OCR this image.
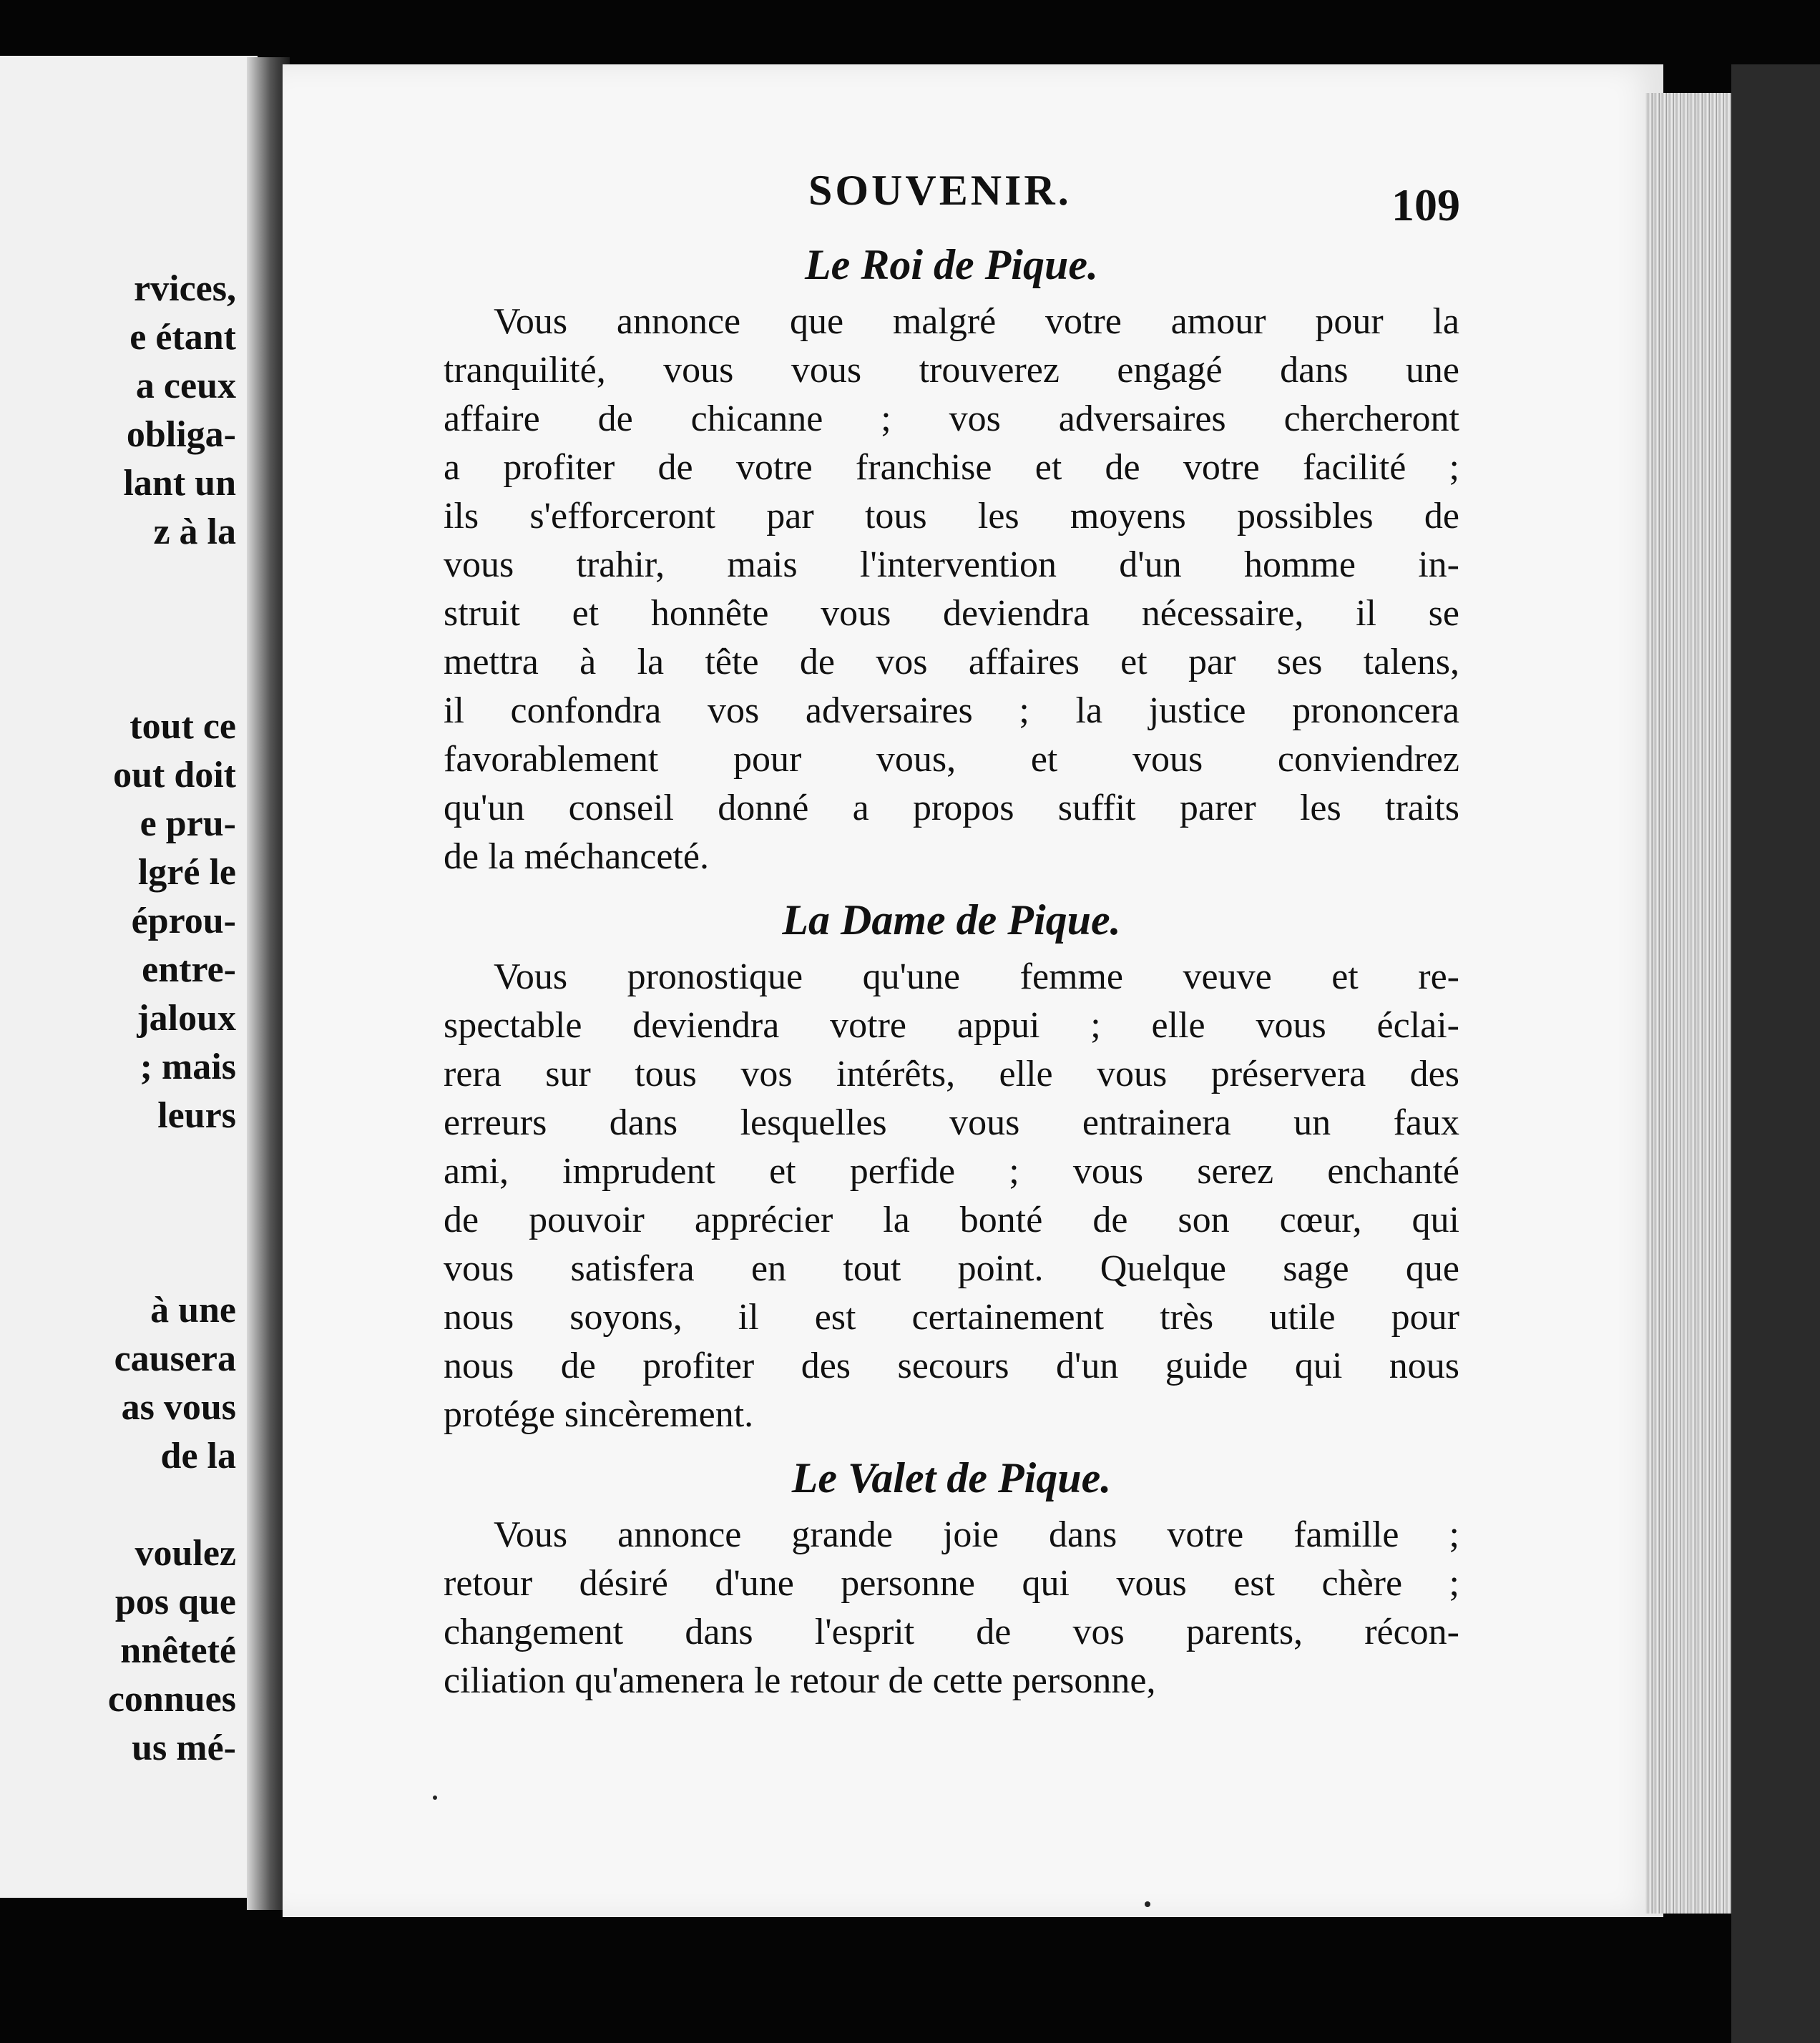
rvices,
e étant
a ceux
obliga-
lant un
z à la
tout ce
out doit
e pru-
lgré le
éprou-
entre-
jaloux
; mais
leurs
à une
causera
as vous
de la
voulez
pos que
nnêteté
connues
us mé-
SOUVENIR.	109
Le Roi de Pique.
Vous annonce que malgré votre amour pour la
tranquilité, vous vous trouverez engagé dans une
affaire de chicanne ; vos adversaires chercheront
a profiter de votre franchise et de votre facilité ;
ils s'efforceront par tous les moyens possibles de
vous trahir, mais l'intervention d'un homme in-
struit et honnête vous deviendra nécessaire, il se
mettra à la tête de vos affaires et par ses talens,
il confondra vos adversaires ; la justice prononcera
favorablement pour vous, et vous conviendrez
qu'un conseil donné a propos suffit parer les traits
de la méchanceté.
La Dame de Pique.
Vous pronostique qu'une femme veuve et re-
spectable deviendra votre appui ; elle vous éclai-
rera sur tous vos intérêts, elle vous préservera des
erreurs dans lesquelles vous entrainera un faux
ami, imprudent et perfide ; vous serez enchanté
de pouvoir apprécier la bonté de son cœur, qui
vous satisfera en tout point. Quelque sage que
nous soyons, il est certainement très utile pour
nous de profiter des secours d'un guide qui nous
protége sincèrement.
Le Valet de Pique.
Vous annonce grande joie dans votre famille ;
retour désiré d'une personne qui vous est chère ;
changement dans l'esprit de vos parents, récon-
ciliation qu'amenera le retour de cette personne,
